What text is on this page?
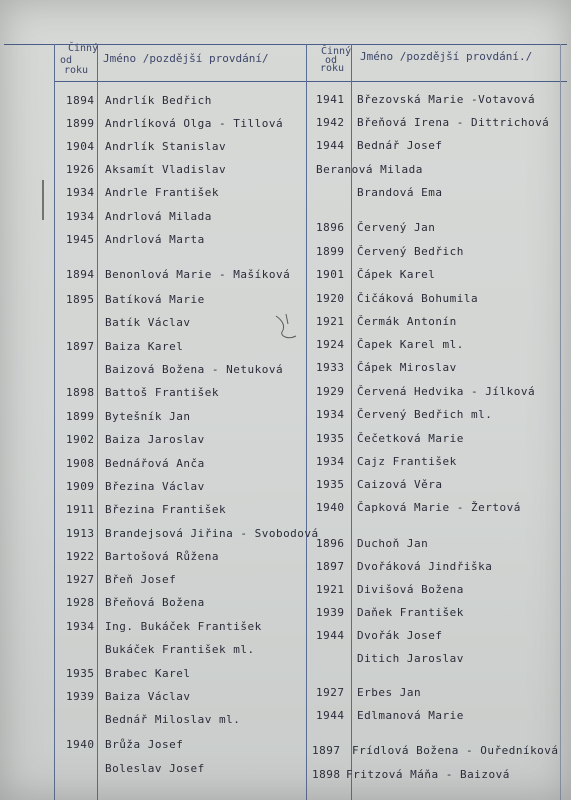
Činný
od
roku
Jméno /pozdější provdání/
Činný
od
roku
Jméno /pozdější provdání./
1894 Andrlík Bedřich
1899 Andrlíková Olga - Tillová
1904 Andrlík Stanislav
1926 Aksamít Vladislav
1934 Andrle František
1934 Andrlová Milada
1945 Andrlová Marta
1894 Benonlová Marie - Mašíková
1895 Batíková Marie
Batík Václav
1897 Baiza Karel
Baizová Božena - Netuková
1898 Battoš František
1899 Bytešník Jan
1902 Baiza Jaroslav
1908 Bednářová Anča
1909 Březina Václav
1911 Březina František
1913 Brandejsová Jiřina - Svobodová
1922 Bartošová Růžena
1927 Břeň Josef
1928 Břeňová Božena
1934 Ing. Bukáček František
Bukáček František ml.
1935 Brabec Karel
1939 Baiza Václav
Bednář Miloslav ml.
1940 Brůža Josef
Boleslav Josef
1941 Březovská Marie -Votavová
1942 Břeňová Irena - Dittrichová
1944 Bednář Josef
Beranová Milada
Brandová Ema
1896 Červený Jan
1899 Červený Bedřich
1901 Čápek Karel
1920 Čičáková Bohumila
1921 Čermák Antonín
1924 Čapek Karel ml.
1933 Čápek Miroslav
1929 Červená Hedvika - Jílková
1934 Červený Bedřich ml.
1935 Čečetková Marie
1934 Cajz František
1935 Caizová Věra
1940 Čapková Marie - Žertová
1896 Duchoň Jan
1897 Dvořáková Jindřiška
1921 Divišová Božena
1939 Daňek František
1944 Dvořák Josef
Ditich Jaroslav
1927 Erbes Jan
1944 Edlmanová Marie
1897 Frídlová Božena - Ouředníková
1898 Fritzová Máňa - Baizová
